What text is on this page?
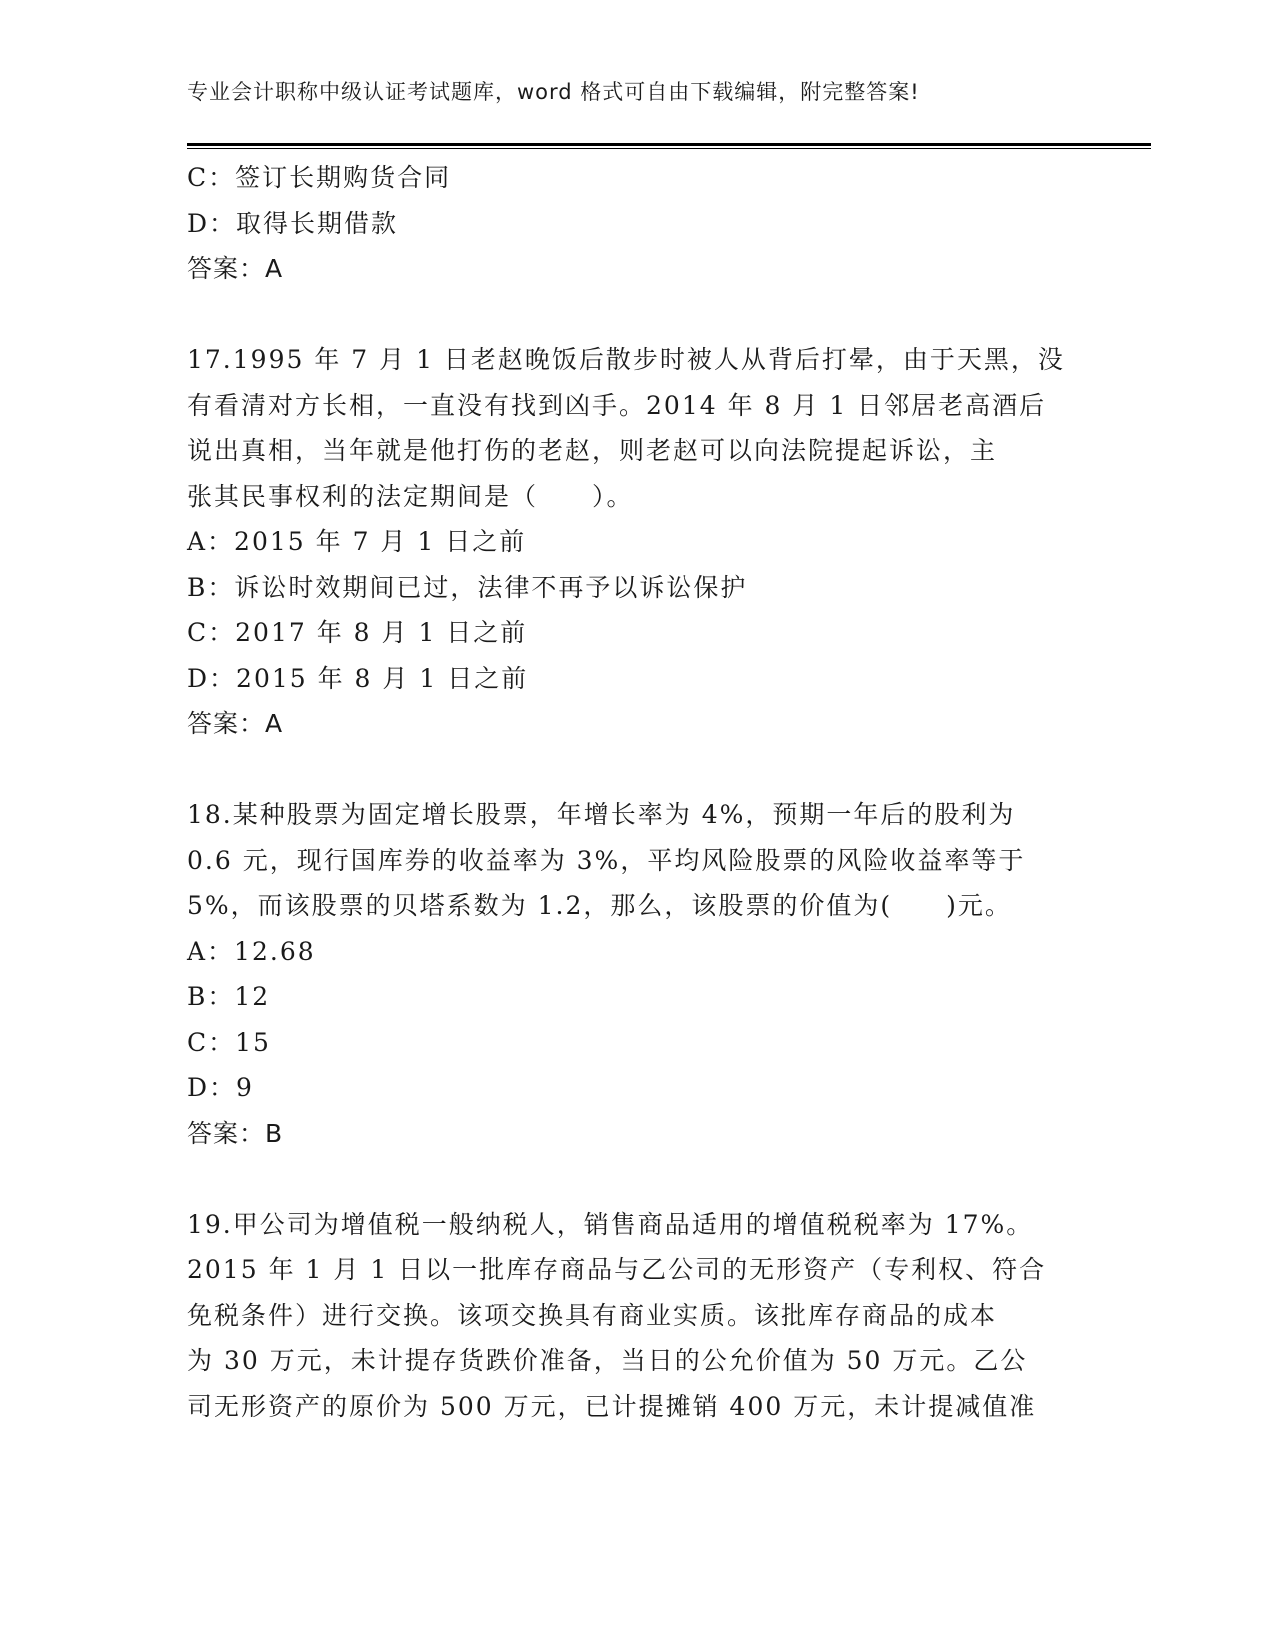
专业会计职称中级认证考试题库，word 格式可自由下载编辑，附完整答案!
C：签订长期购货合同
D：取得长期借款
答案：A
17.1995 年 7 月 1 日老赵晚饭后散步时被人从背后打晕，由于天黑，没
有看清对方长相，一直没有找到凶手。2014 年 8 月 1 日邻居老高酒后
说出真相，当年就是他打伤的老赵，则老赵可以向法院提起诉讼，主
张其民事权利的法定期间是（　　）。
A：2015 年 7 月 1 日之前
B：诉讼时效期间已过，法律不再予以诉讼保护
C：2017 年 8 月 1 日之前
D：2015 年 8 月 1 日之前
答案：A
18.某种股票为固定增长股票，年增长率为 4%，预期一年后的股利为
0.6 元，现行国库券的收益率为 3%，平均风险股票的风险收益率等于
5%，而该股票的贝塔系数为 1.2，那么，该股票的价值为(　　)元。
A：12.68
B：12
C：15
D：9
答案：B
19.甲公司为增值税一般纳税人，销售商品适用的增值税税率为 17%。
2015 年 1 月 1 日以一批库存商品与乙公司的无形资产（专利权、符合
免税条件）进行交换。该项交换具有商业实质。该批库存商品的成本
为 30 万元，未计提存货跌价准备，当日的公允价值为 50 万元。乙公
司无形资产的原价为 500 万元，已计提摊销 400 万元，未计提减值准
